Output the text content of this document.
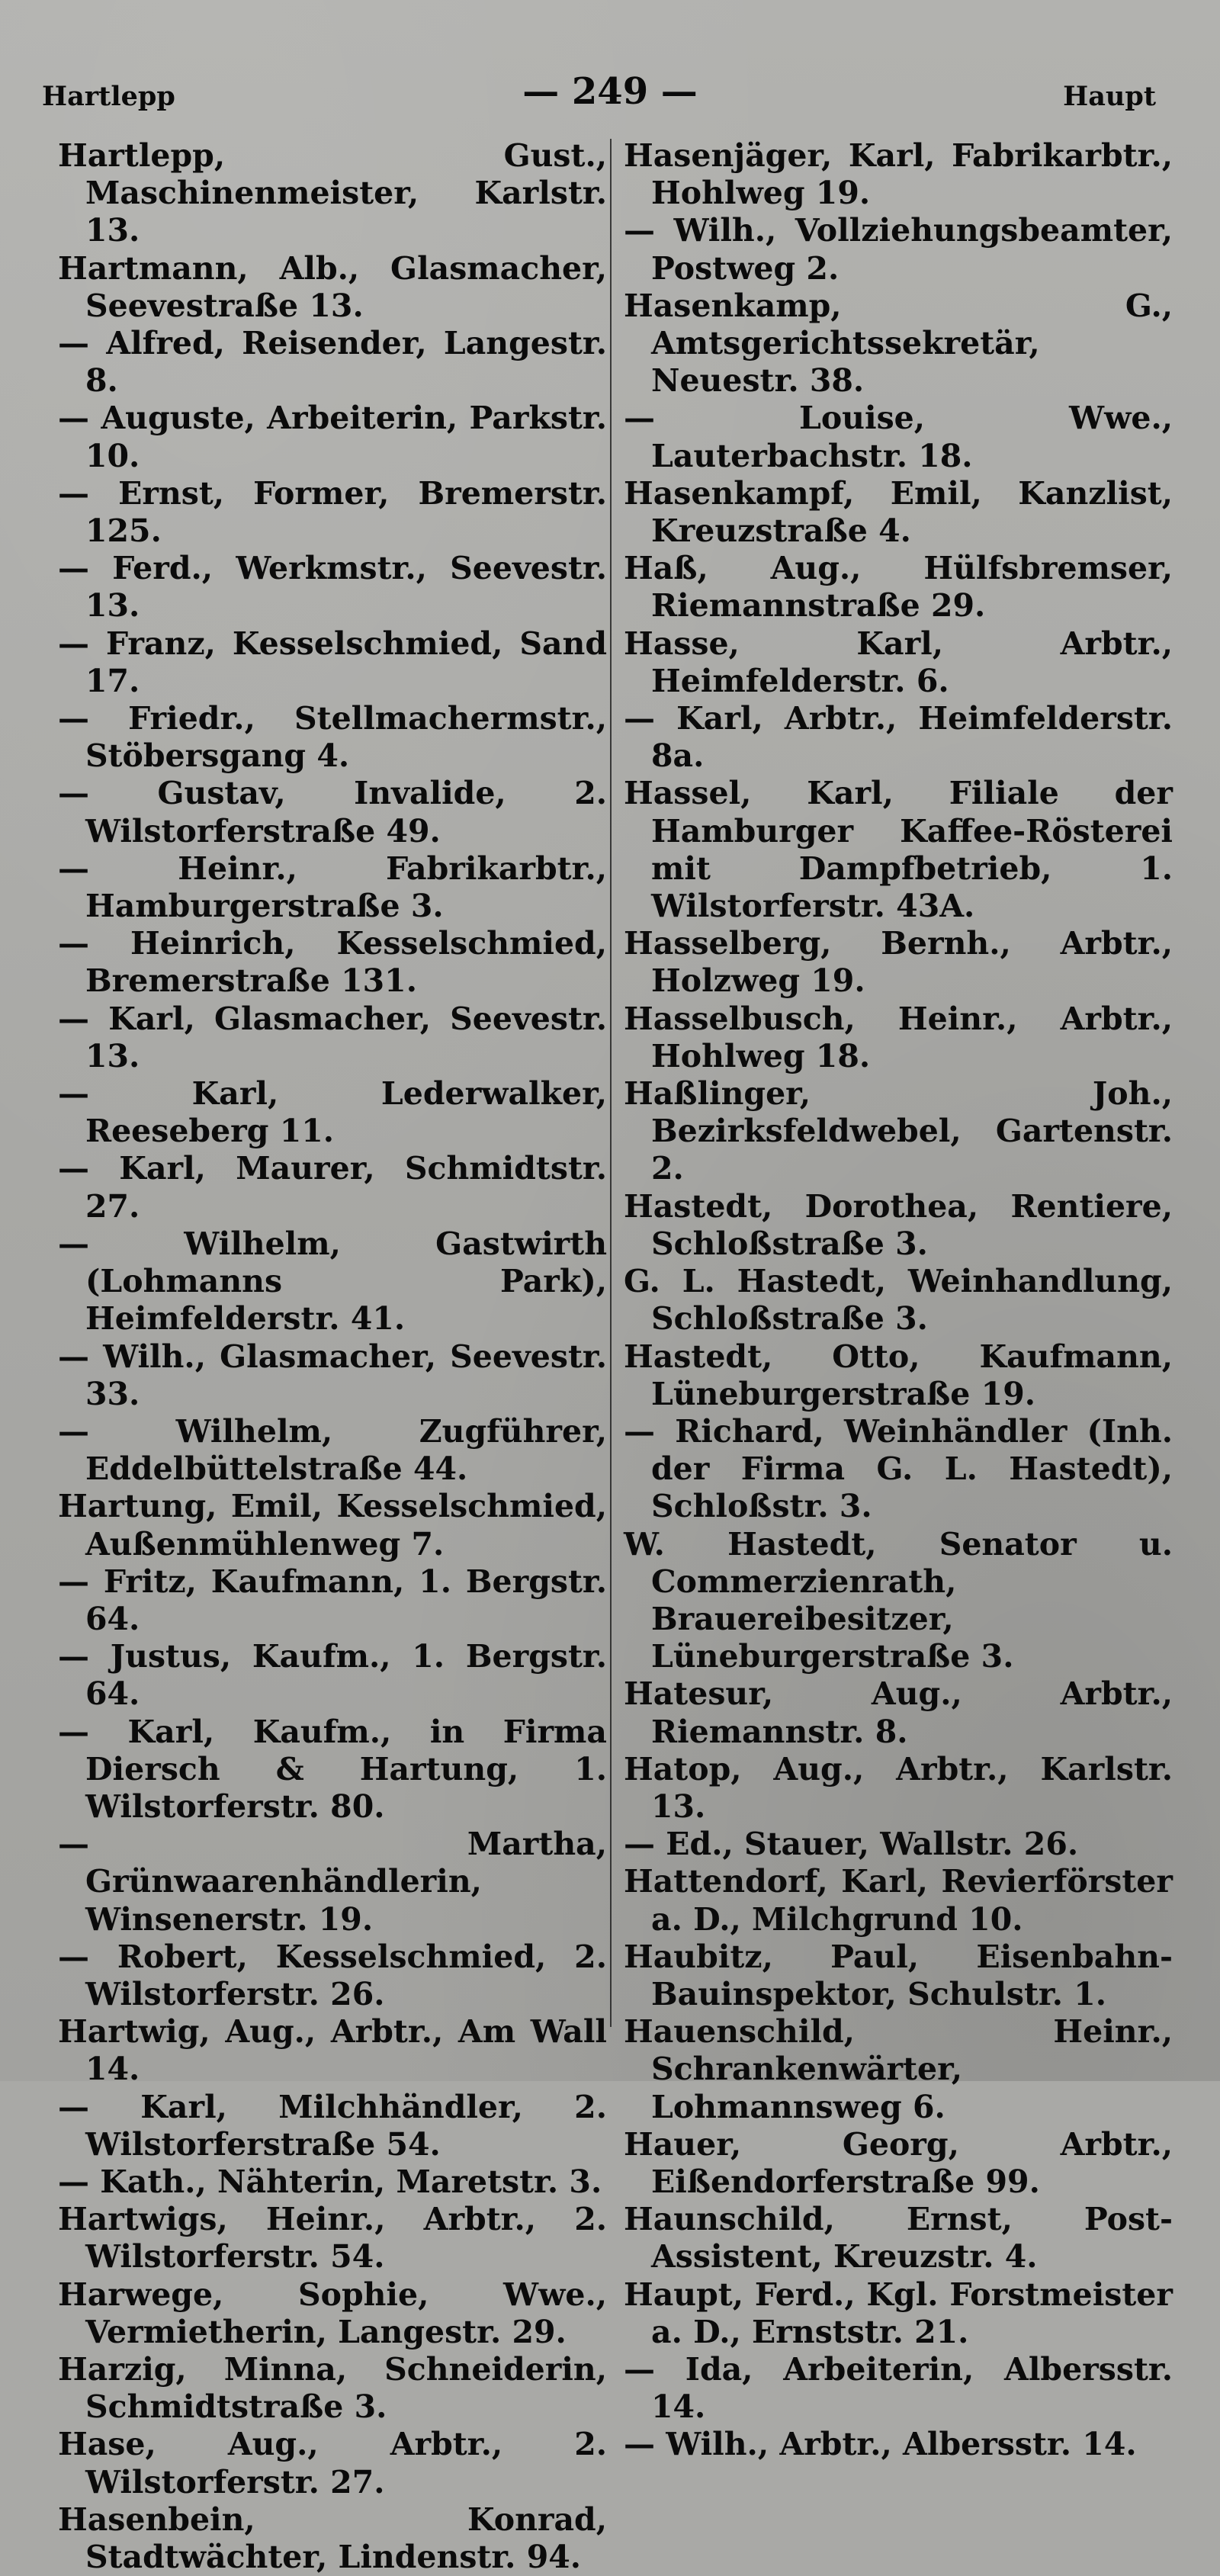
Hartlepp	— 249 —	Haupt

Hartlepp, Gust., Maschinenmeister, Karlstr. 13.

Hartmann, Alb., Glasmacher, Seevestraße 13.

— Alfred, Reisender, Langestr. 8.

— Auguste, Arbeiterin, Parkstr. 10.

— Ernst, Former, Bremerstr. 125.

— Ferd., Werkmstr., Seevestr. 13.

— Franz, Kesselschmied, Sand 17.

— Friedr., Stellmachermstr., Stöbersgang 4.

— Gustav, Invalide, 2. Wilstorferstraße 49.

— Heinr., Fabrikarbtr., Hamburgerstraße 3.

— Heinrich, Kesselschmied, Bremerstraße 131.

— Karl, Glasmacher, Seevestr. 13.

— Karl, Lederwalker, Reeseberg 11.

— Karl, Maurer, Schmidtstr. 27.

— Wilhelm, Gastwirth (Lohmanns Park), Heimfelderstr. 41.

— Wilh., Glasmacher, Seevestr. 33.

— Wilhelm, Zugführer, Eddelbüttelstraße 44.

Hartung, Emil, Kesselschmied, Außenmühlenweg 7.

— Fritz, Kaufmann, 1. Bergstr. 64.

— Justus, Kaufm., 1. Bergstr. 64.

— Karl, Kaufm., in Firma Diersch & Hartung, 1. Wilstorferstr. 80.

— Martha, Grünwaarenhändlerin, Winsenerstr. 19.

— Robert, Kesselschmied, 2. Wilstorferstr. 26.

Hartwig, Aug., Arbtr., Am Wall 14.

— Karl, Milchhändler, 2. Wilstorferstraße 54.

— Kath., Nähterin, Maretstr. 3.

Hartwigs, Heinr., Arbtr., 2. Wilstorferstr. 54.

Harwege, Sophie, Wwe., Vermietherin, Langestr. 29.

Harzig, Minna, Schneiderin, Schmidtstraße 3.

Hase, Aug., Arbtr., 2. Wilstorferstr. 27.

Hasenbein, Konrad, Stadtwächter, Lindenstr. 94.

Hasenjäger, Karl, Fabrikarbtr., Hohlweg 19.

— Wilh., Vollziehungsbeamter, Postweg 2.

Hasenkamp, G., Amtsgerichtssekretär, Neuestr. 38.

— Louise, Wwe., Lauterbachstr. 18.

Hasenkampf, Emil, Kanzlist, Kreuzstraße 4.

Haß, Aug., Hülfsbremser, Riemannstraße 29.

Hasse, Karl, Arbtr., Heimfelderstr. 6.

— Karl, Arbtr., Heimfelderstr. 8a.

Hassel, Karl, Filiale der Hamburger Kaffee-Rösterei mit Dampfbetrieb, 1. Wilstorferstr. 43A.

Hasselberg, Bernh., Arbtr., Holzweg 19.

Hasselbusch, Heinr., Arbtr., Hohlweg 18.

Haßlinger, Joh., Bezirksfeldwebel, Gartenstr. 2.

Hastedt, Dorothea, Rentiere, Schloßstraße 3.

G. L. Hastedt, Weinhandlung, Schloßstraße 3.

Hastedt, Otto, Kaufmann, Lüneburgerstraße 19.

— Richard, Weinhändler (Inh. der Firma G. L. Hastedt), Schloßstr. 3.

W. Hastedt, Senator u. Commerzienrath, Brauereibesitzer, Lüneburgerstraße 3.

Hatesur, Aug., Arbtr., Riemannstr. 8.

Hatop, Aug., Arbtr., Karlstr. 13.

— Ed., Stauer, Wallstr. 26.

Hattendorf, Karl, Revierförster a. D., Milchgrund 10.

Haubitz, Paul, Eisenbahn-Bauinspektor, Schulstr. 1.

Hauenschild, Heinr., Schrankenwärter, Lohmannsweg 6.

Hauer, Georg, Arbtr., Eißendorferstraße 99.

Haunschild, Ernst, Post-Assistent, Kreuzstr. 4.

Haupt, Ferd., Kgl. Forstmeister a. D., Ernststr. 21.

— Ida, Arbeiterin, Albersstr. 14.

— Wilh., Arbtr., Albersstr. 14.
